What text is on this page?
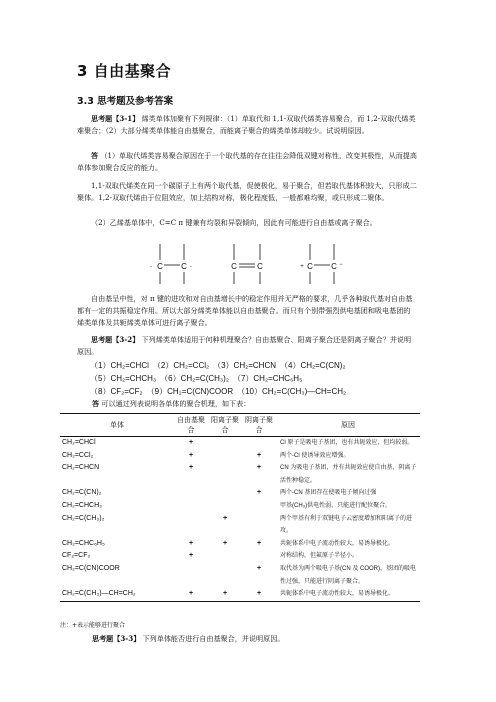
3 自由基聚合
3.3 思考题及参考答案
思考题【3-1】 烯类单体加聚有下列规律：（1）单取代和 1,1-双取代烯类容易聚合，而 1,2-双取代烯类难聚合；（2）大部分烯类单体能自由基聚合，而能离子聚合的烯类单体却较少。试说明原因。
答 （1）单取代烯类容易聚合原因在于一个取代基的存在往往会降低双键对称性，改变其极性，从而提高单体参加聚合反应的能力。
1,1-双取代烯类在同一个碳原子上有两个取代基，促使极化，易于聚合，但若取代基体积较大，只形成二聚体。1,2-双取代烯由于位阻效应，加上结构对称，极化程度低，一般都难均聚，或只形成二聚体。
（2）乙烯基单体中，C=C π 键兼有均裂和异裂倾向，因此有可能进行自由基或离子聚合。
· C C ·	C	C	+ C C −
自由基呈中性，对 π 键的进攻和对自由基增长中的稳定作用并无严格的要求，几乎各种取代基对自由基都有一定的共振稳定作用。所以大部分烯类单体能以自由基聚合。而只有个别带强烈供电基团和吸电基团的烯类单体及共轭烯类单体可进行离子聚合。
思考题【3-2】 下列烯类单体适用于何种机理聚合？自由基聚合、阳离子聚合还是阴离子聚合？并说明原因。
（1）CH₂=CHCl　（2）CH₂=CCl₂　（3）CH₂=CHCN　（4）CH₂=C(CN)₂
（5）CH₂=CHCH₃　（6）CH₂=C(CH₃)₂　（7）CH₂=CHC₆H₅
（8）CF₂=CF₂　（9）CH₂=C(CN)COOR　（10）CH₂=C(CH₃)—CH=CH₂
答 可以通过列表说明各单体的聚合机理，如下表：
单体	自由基聚合	阳离子聚合	阴离子聚合	原因
CH₂=CHCl	+			Cl 原子是吸电子基团，也有共轭效应，但均较弱。
CH₂=CCl₂	+		+	两个-Cl 使诱导效应增强。
CH₂=CHCN	+		+	CN 为吸电子基团，并有共轭效应使自由基、阴离子活性种稳定。
CH₂=C(CN)₂			+	两个-CN 基团存在使吸电子倾向过强
CH₂=CHCH₃				甲基(CH₃)供电性弱，只能进行配位聚合。
CH₂=C(CH₃)₂		+		两个甲基有利于双键电子云密度增加和阳离子的进攻。
CH₂=CHC₆H₅	+	+	+	共轭体系中电子流动性较大，易诱导极化。
CF₂=CF₂	+			对称结构，但氟原子半径小。
CH₂=C(CN)COOR			+	取代基为两个吸电子基(CN 及 COOR)，基团的吸电性过强，只能进行阴离子聚合。
CH₂=C(CH₃)—CH=CH₂	+	+	+	共轭体系中电子流动性较大，易诱导极化。
注：+表示能够进行聚合
思考题【3-3】 下列单体能否进行自由基聚合，并说明原因。
